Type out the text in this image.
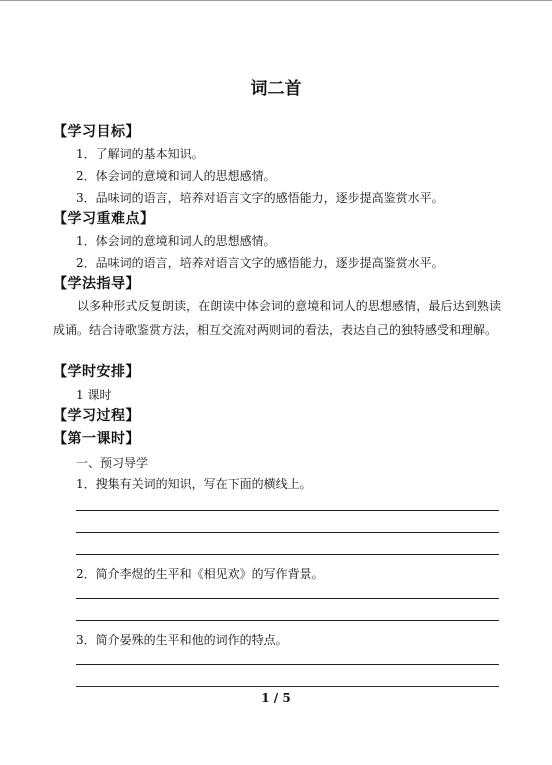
词二首
【学习目标】
1．了解词的基本知识。
2．体会词的意境和词人的思想感情。
3．品味词的语言，培养对语言文字的感悟能力，逐步提高鉴赏水平。
【学习重难点】
1．体会词的意境和词人的思想感情。
2．品味词的语言，培养对语言文字的感悟能力，逐步提高鉴赏水平。
【学法指导】
以多种形式反复朗读，在朗读中体会词的意境和词人的思想感情，最后达到熟读成诵。结合诗歌鉴赏方法，相互交流对两则词的看法，表达自己的独特感受和理解。
【学时安排】
1 课时
【学习过程】
【第一课时】
一、预习导学
1．搜集有关词的知识，写在下面的横线上。
2．简介李煜的生平和《相见欢》的写作背景。
3．简介晏殊的生平和他的词作的特点。
1 / 5
